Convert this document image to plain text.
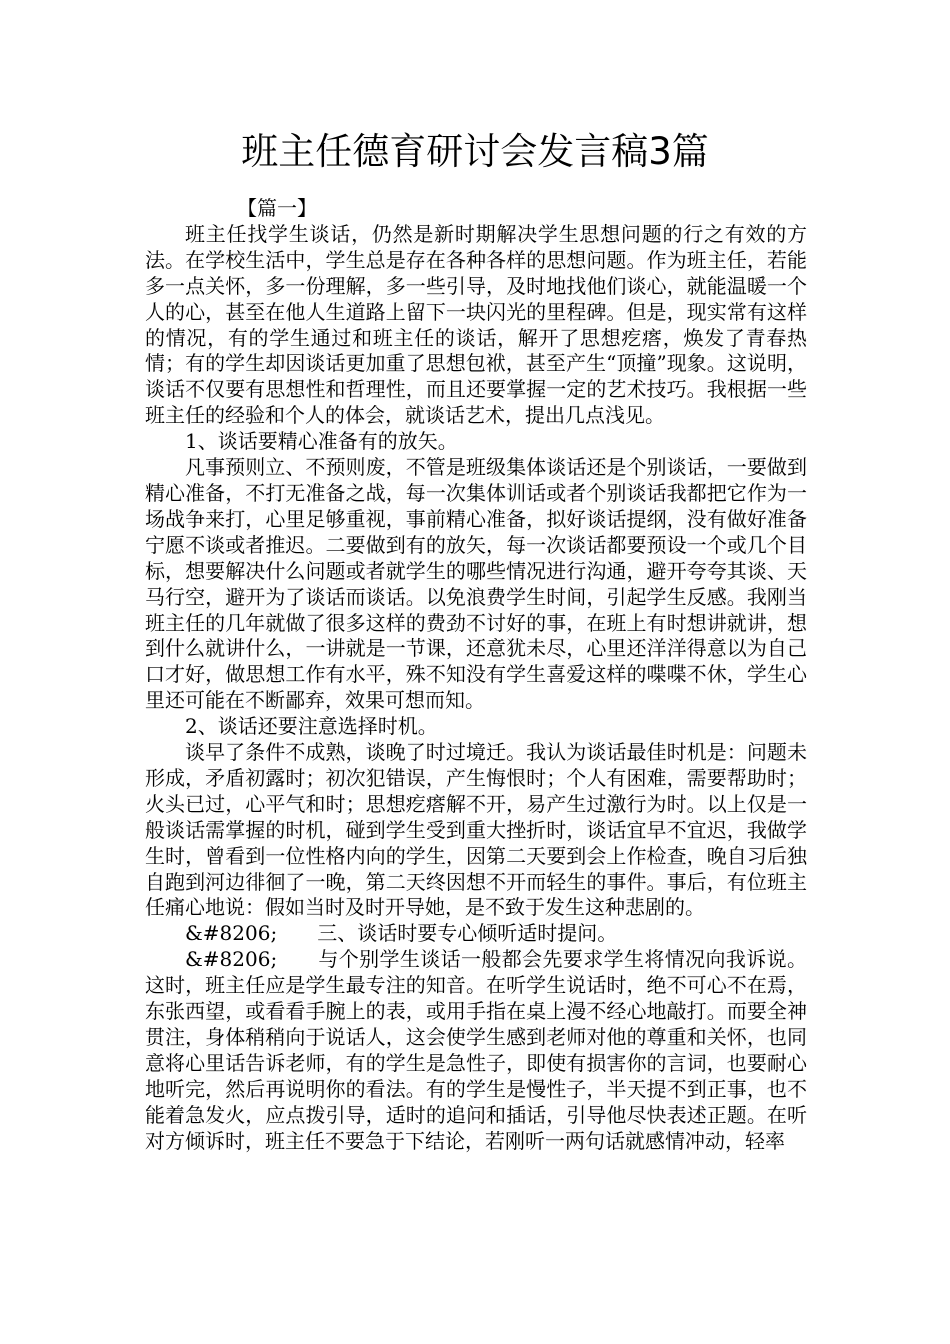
班主任德育研讨会发言稿3篇

【篇一】

班主任找学生谈话，仍然是新时期解决学生思想问题的行之有效的方法。在学校生活中，学生总是存在各种各样的思想问题。作为班主任，若能多一点关怀，多一份理解，多一些引导，及时地找他们谈心，就能温暖一个人的心，甚至在他人生道路上留下一块闪光的里程碑。但是，现实常有这样的情况，有的学生通过和班主任的谈话，解开了思想疙瘩，焕发了青春热情；有的学生却因谈话更加重了思想包袱，甚至产生“顶撞”现象。这说明，谈话不仅要有思想性和哲理性，而且还要掌握一定的艺术技巧。我根据一些班主任的经验和个人的体会，就谈话艺术，提出几点浅见。

1、谈话要精心准备有的放矢。

凡事预则立、不预则废，不管是班级集体谈话还是个别谈话，一要做到精心准备，不打无准备之战，每一次集体训话或者个别谈话我都把它作为一场战争来打，心里足够重视，事前精心准备，拟好谈话提纲，没有做好准备宁愿不谈或者推迟。二要做到有的放矢，每一次谈话都要预设一个或几个目标，想要解决什么问题或者就学生的哪些情况进行沟通，避开夸夸其谈、天马行空，避开为了谈话而谈话。以免浪费学生时间，引起学生反感。我刚当班主任的几年就做了很多这样的费劲不讨好的事，在班上有时想讲就讲，想到什么就讲什么，一讲就是一节课，还意犹未尽，心里还洋洋得意以为自己口才好，做思想工作有水平，殊不知没有学生喜爱这样的喋喋不休，学生心里还可能在不断鄙弃，效果可想而知。

2、谈话还要注意选择时机。

谈早了条件不成熟，谈晚了时过境迁。我认为谈话最佳时机是：问题未形成，矛盾初露时；初次犯错误，产生悔恨时；个人有困难，需要帮助时；火头已过，心平气和时；思想疙瘩解不开，易产生过激行为时。以上仅是一般谈话需掌握的时机，碰到学生受到重大挫折时，谈话宜早不宜迟，我做学生时，曾看到一位性格内向的学生，因第二天要到会上作检查，晚自习后独自跑到河边徘徊了一晚，第二天终因想不开而轻生的事件。事后，有位班主任痛心地说：假如当时及时开导她，是不致于发生这种悲剧的。

&#8206;　　三、谈话时要专心倾听适时提问。

&#8206;　　与个别学生谈话一般都会先要求学生将情况向我诉说。这时，班主任应是学生最专注的知音。在听学生说话时，绝不可心不在焉，东张西望，或看看手腕上的表，或用手指在桌上漫不经心地敲打。而要全神贯注，身体稍稍向于说话人，这会使学生感到老师对他的尊重和关怀，也同意将心里话告诉老师，有的学生是急性子，即使有损害你的言词，也要耐心地听完，然后再说明你的看法。有的学生是慢性子，半天提不到正事，也不能着急发火，应点拨引导，适时的追问和插话，引导他尽快表述正题。在听对方倾诉时，班主任不要急于下结论，若刚听一两句话就感情冲动，轻率
